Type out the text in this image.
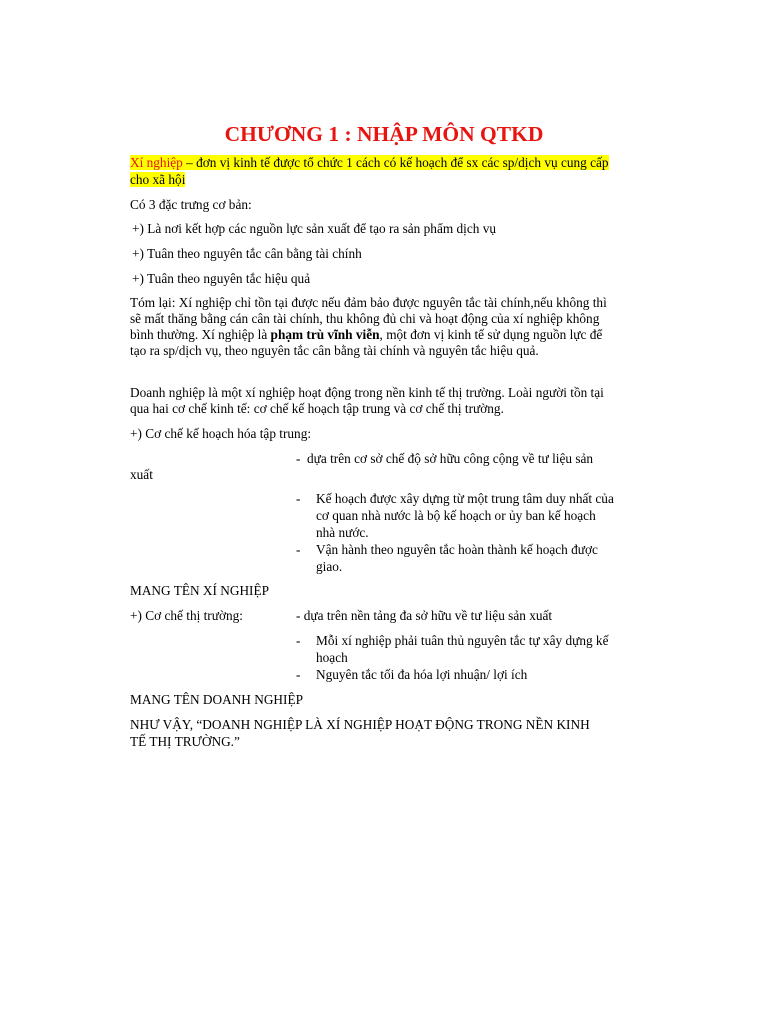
CHƯƠNG 1 : NHẬP MÔN QTKD
Xí nghiệp – đơn vị kinh tế được tổ chức 1 cách có kế hoạch để sx các sp/dịch vụ cung cấp
cho xã hội
Có 3 đặc trưng cơ bản:
+) Là nơi kết hợp các nguồn lực sản xuất để tạo ra sản phẩm dịch vụ
+) Tuân theo nguyên tắc cân bằng tài chính
+) Tuân theo nguyên tắc hiệu quả
Tóm lại: Xí nghiệp chỉ tồn tại được nếu đảm bảo được nguyên tắc tài chính,nếu không thì
sẽ mất thăng bằng cán cân tài chính, thu không đủ chi và hoạt động của xí nghiệp không
bình thường. Xí nghiệp là phạm trù vĩnh viễn, một đơn vị kinh tế sử dụng nguồn lực để
tạo ra sp/dịch vụ, theo nguyên tắc cân bằng tài chính và nguyên tắc hiệu quả.
Doanh nghiệp là một xí nghiệp hoạt động trong nền kinh tế thị trường. Loài người tồn tại
qua hai cơ chế kinh tế: cơ chế kế hoạch tập trung và cơ chế thị trường.
+) Cơ chế kế hoạch hóa tập trung:
- dựa trên cơ sở chế độ sở hữu công cộng về tư liệu sản
xuất
- Kế hoạch được xây dựng từ một trung tâm duy nhất của
cơ quan nhà nước là bộ kế hoạch or ủy ban kế hoạch
nhà nước.
- Vận hành theo nguyên tắc hoàn thành kế hoạch được
giao.
MANG TÊN XÍ NGHIỆP
+) Cơ chế thị trường:	- dựa trên nền tảng đa sở hữu về tư liệu sản xuất
- Mỗi xí nghiệp phải tuân thủ nguyên tắc tự xây dựng kế
hoạch
- Nguyên tắc tối đa hóa lợi nhuận/ lợi ích
MANG TÊN DOANH NGHIỆP
NHƯ VẬY, “DOANH NGHIỆP LÀ XÍ NGHIỆP HOẠT ĐỘNG TRONG NỀN KINH
TẾ THỊ TRƯỜNG.”
